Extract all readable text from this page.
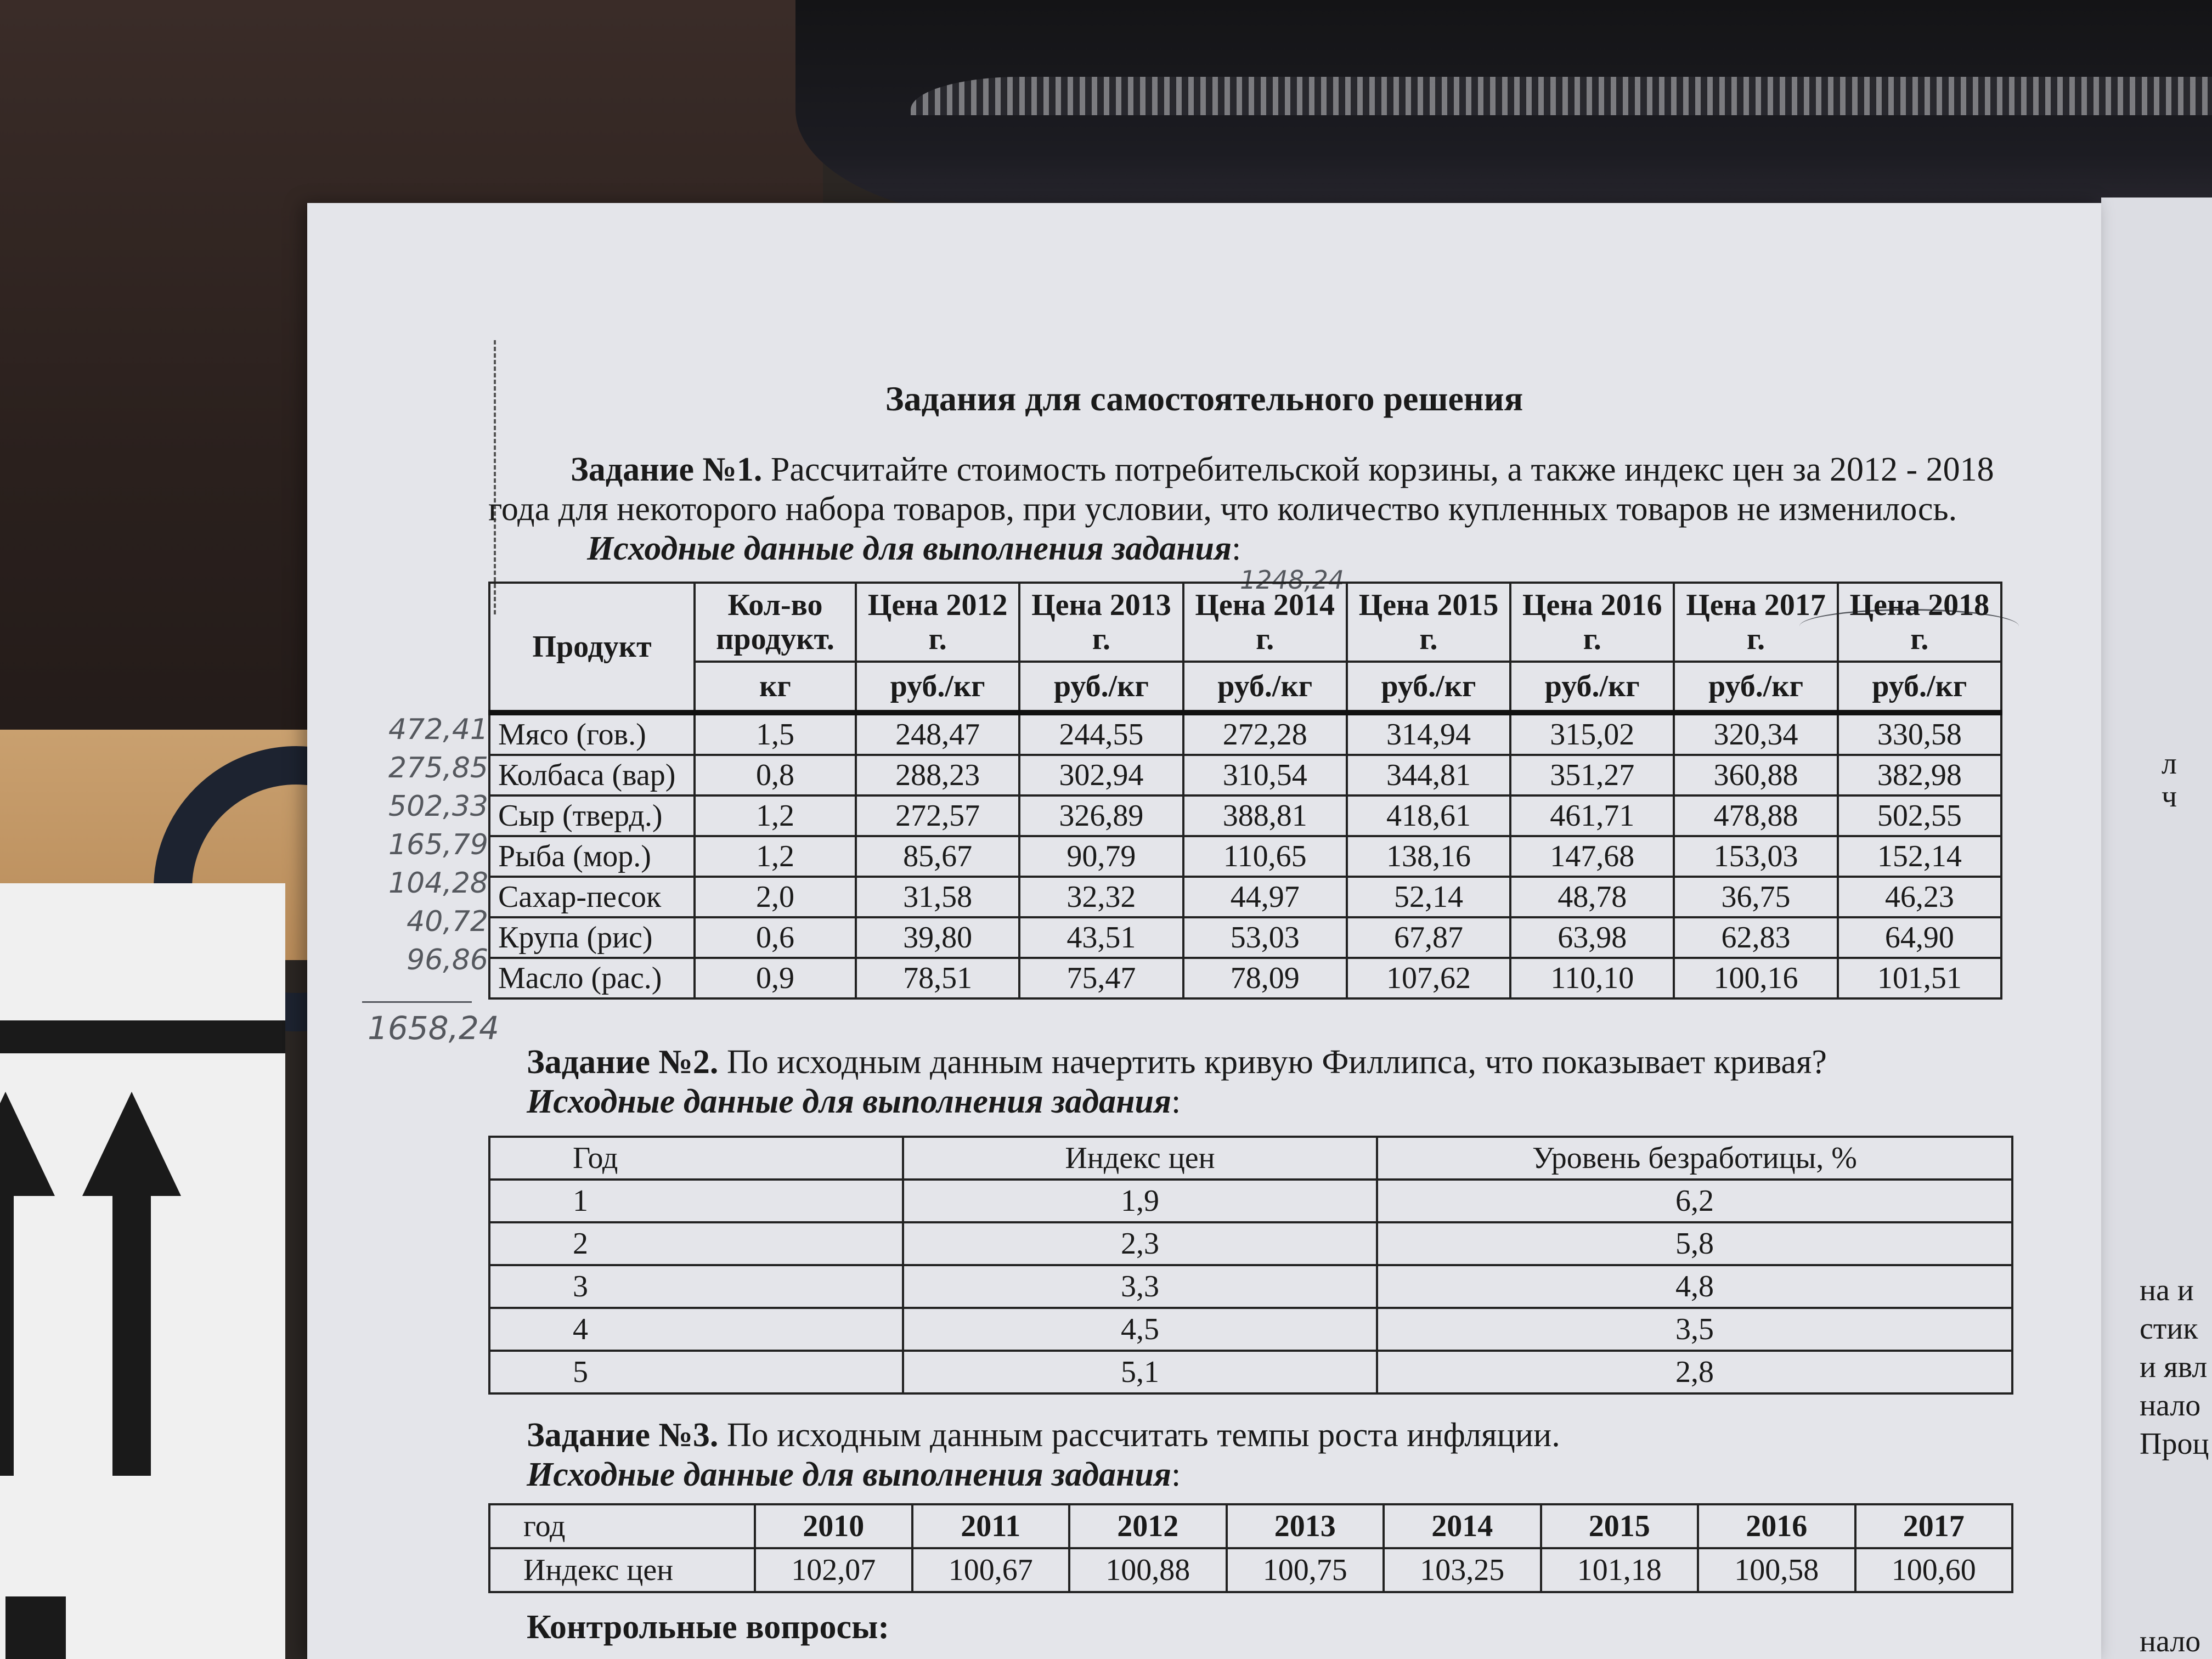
л
ч
на и
стик
и явл
нало
Проц
нало
Задания для самостоятельного решения
Задание №1. Рассчитайте стоимость потребительской корзины, а также индекс цен за 2012 - 2018
года для некоторого набора товаров, при условии, что количество купленных товаров не изменилось.
Исходные данные для выполнения задания:
1248,24
Продукт	Кол-во продукт.	Цена 2012 г.	Цена 2013 г.	Цена 2014 г.	Цена 2015 г.	Цена 2016 г.	Цена 2017 г.	Цена 2018 г.
	кг	руб./кг	руб./кг	руб./кг	руб./кг	руб./кг	руб./кг	руб./кг
Мясо (гов.)	1,5	248,47	244,55	272,28	314,94	315,02	320,34	330,58
Колбаса (вар)	0,8	288,23	302,94	310,54	344,81	351,27	360,88	382,98
Сыр (тверд.)	1,2	272,57	326,89	388,81	418,61	461,71	478,88	502,55
Рыба (мор.)	1,2	85,67	90,79	110,65	138,16	147,68	153,03	152,14
Сахар-песок	2,0	31,58	32,32	44,97	52,14	48,78	36,75	46,23
Крупа (рис)	0,6	39,80	43,51	53,03	67,87	63,98	62,83	64,90
Масло (рас.)	0,9	78,51	75,47	78,09	107,62	110,10	100,16	101,51
472,41
275,85
502,33
165,79
104,28
40,72
96,86
1658,24
Задание №2. По исходным данным начертить кривую Филлипса, что показывает кривая?
Исходные данные для выполнения задания:
Год	Индекс цен	Уровень безработицы, %
1	1,9	6,2
2	2,3	5,8
3	3,3	4,8
4	4,5	3,5
5	5,1	2,8
Задание №3. По исходным данным рассчитать темпы роста инфляции.
Исходные данные для выполнения задания:
год	2010	2011	2012	2013	2014	2015	2016	2017
Индекс цен	102,07	100,67	100,88	100,75	103,25	101,18	100,58	100,60
Контрольные вопросы:
